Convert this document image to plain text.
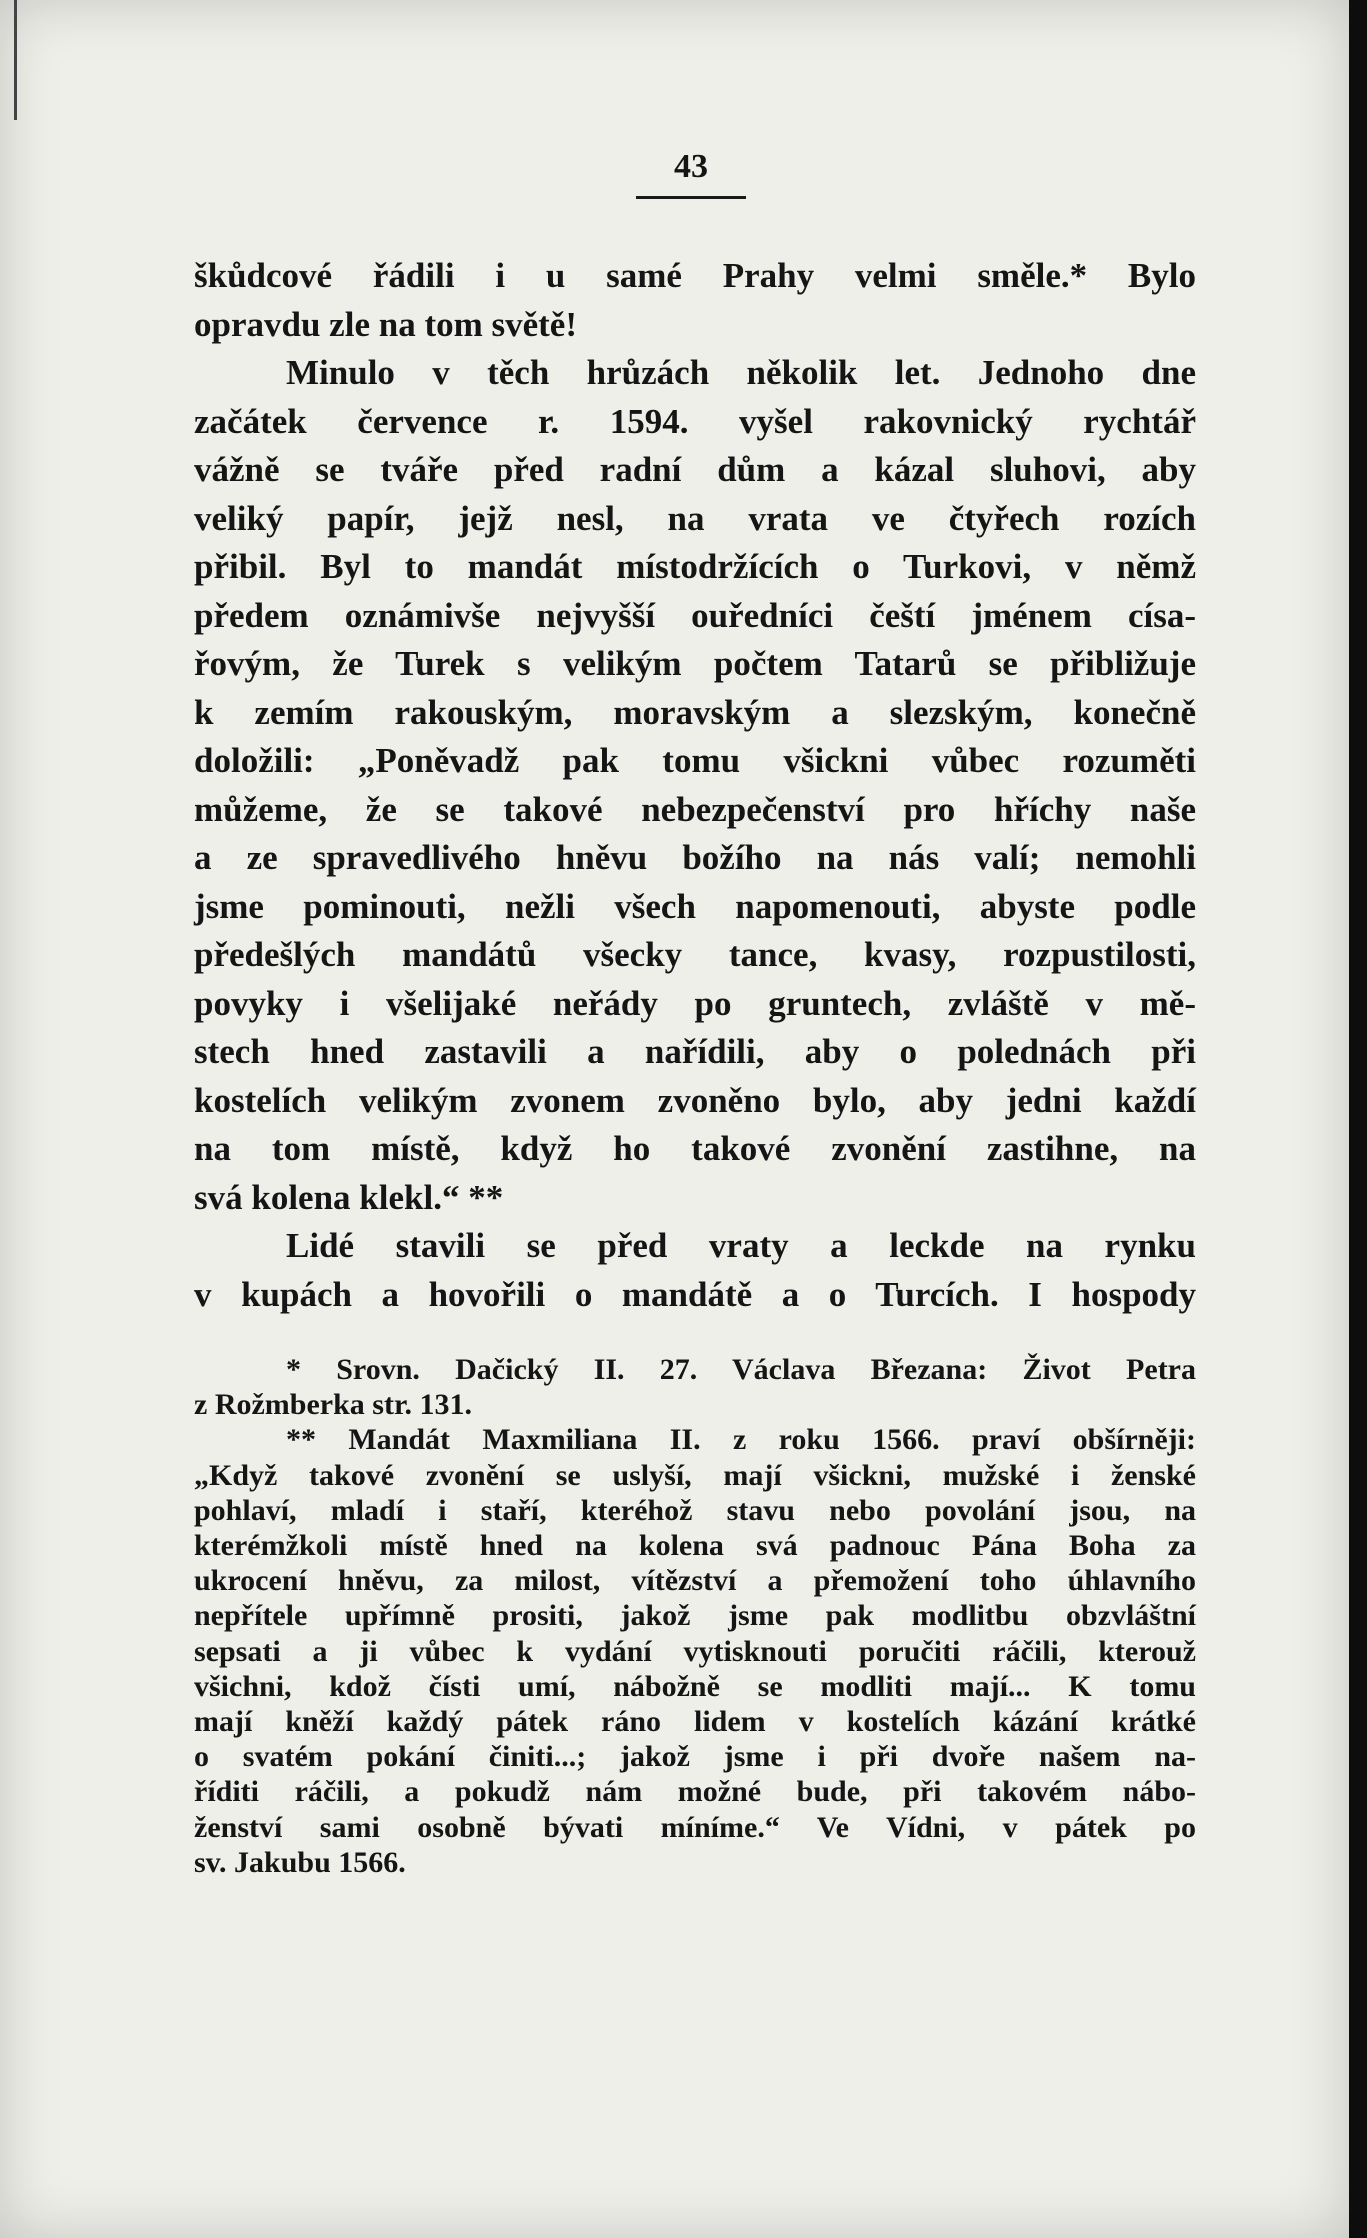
43
škůdcové řádili i u samé Prahy velmi směle.* Bylo
opravdu zle na tom světě!
Minulo v těch hrůzách několik let. Jednoho dne
začátek července r. 1594. vyšel rakovnický rychtář
vážně se tváře před radní dům a kázal sluhovi, aby
veliký papír, jejž nesl, na vrata ve čtyřech rozích
přibil. Byl to mandát místodržících o Turkovi, v němž
předem oznámivše nejvyšší ouředníci čeští jménem císa-
řovým, že Turek s velikým počtem Tatarů se přibližuje
k zemím rakouským, moravským a slezským, konečně
doložili: „Poněvadž pak tomu všickni vůbec rozuměti
můžeme, že se takové nebezpečenství pro hříchy naše
a ze spravedlivého hněvu božího na nás valí; nemohli
jsme pominouti, nežli všech napomenouti, abyste podle
předešlých mandátů všecky tance, kvasy, rozpustilosti,
povyky i všelijaké neřády po gruntech, zvláště v mě-
stech hned zastavili a nařídili, aby o polednách při
kostelích velikým zvonem zvoněno bylo, aby jedni každí
na tom místě, když ho takové zvonění zastihne, na
svá kolena klekl.“ **
Lidé stavili se před vraty a leckde na rynku
v kupách a hovořili o mandátě a o Turcích. I hospody
* Srovn. Dačický II. 27. Václava Březana: Život Petra
z Rožmberka str. 131.
** Mandát Maxmiliana II. z roku 1566. praví obšírněji:
„Když takové zvonění se uslyší, mají všickni, mužské i ženské
pohlaví, mladí i staří, kteréhož stavu nebo povolání jsou, na
kterémžkoli místě hned na kolena svá padnouc Pána Boha za
ukrocení hněvu, za milost, vítězství a přemožení toho úhlavního
nepřítele upřímně prositi, jakož jsme pak modlitbu obzvláštní
sepsati a ji vůbec k vydání vytisknouti poručiti ráčili, kterouž
všichni, kdož čísti umí, nábožně se modliti mají... K tomu
mají kněží každý pátek ráno lidem v kostelích kázání krátké
o svatém pokání činiti...; jakož jsme i při dvoře našem na-
říditi ráčili, a pokudž nám možné bude, při takovém nábo-
ženství sami osobně bývati míníme.“ Ve Vídni, v pátek po
sv. Jakubu 1566.
